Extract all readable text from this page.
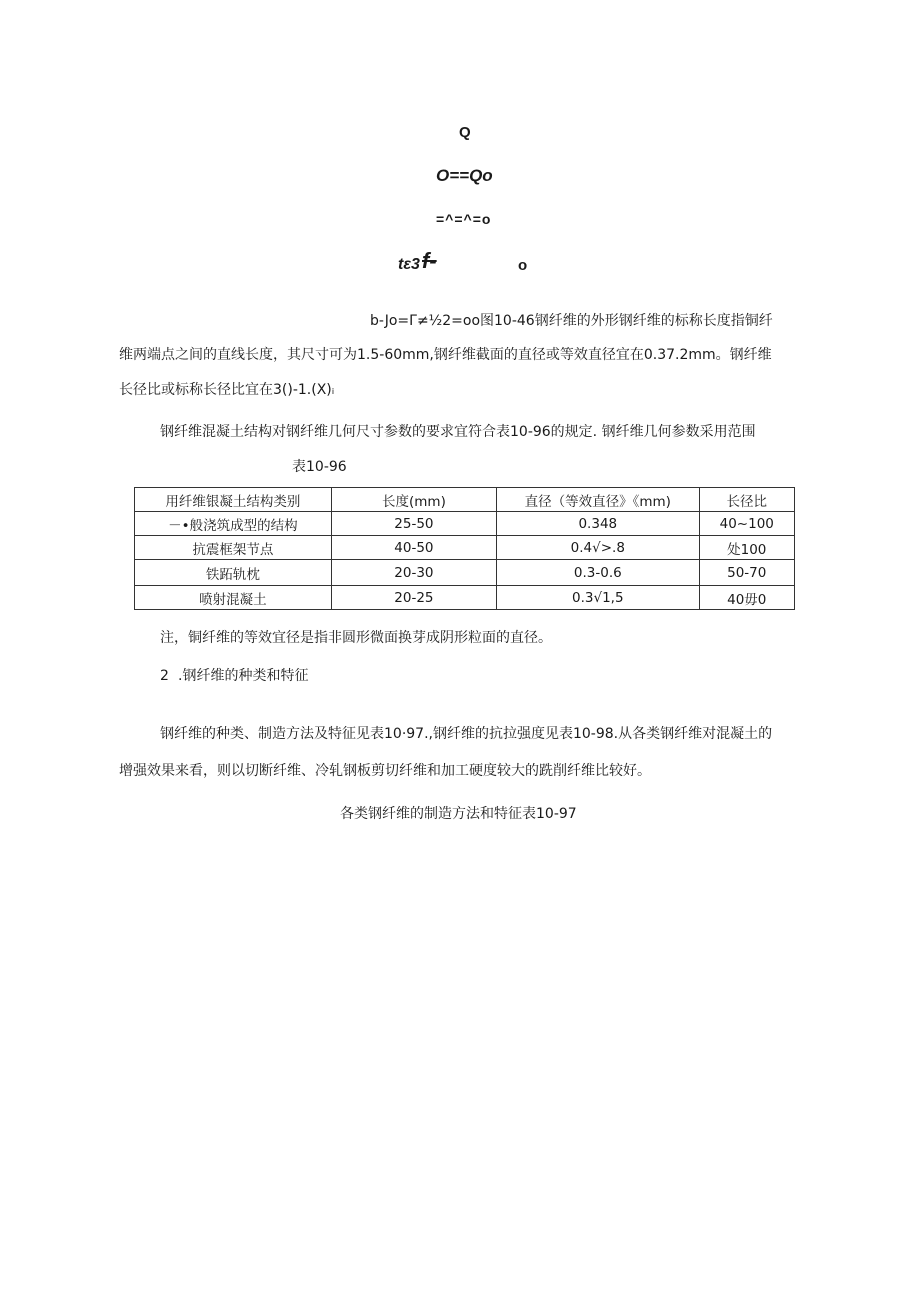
Q
O==Qo
=^=^=o
tε3 f-	o
b-Jo=Γ≠½2=oo图10-46钢纤维的外形钢纤维的标称长度指铜纤
维两端点之间的直线长度，其尺寸可为1.5-60mm,钢纤维截面的直径或等效直径宜在0.37.2mm。钢纤维
长径比或标称长径比宜在3()-1.(X)ᵢ
钢纤维混凝土结构对钢纤维几何尺寸参数的要求宜符合表10-96的规定. 钢纤维几何参数采用范围
表10-96
用纤维银凝土结构类别	长度(mm)	直径（等效直径》《mm)	长径比
－•般浇筑成型的结构	25-50	0.348	40~100
抗震框架节点	40-50	0.4√>.8	处100
铁跖轨枕	20-30	0.3-0.6	50-70
喷射混凝土	20-25	0.3√1,5	40毋0
注，铜纤维的等效宜径是指非圆形微面换芽成阴形粒面的直径。
2 .钢纤维的种类和特征
钢纤维的种类、制造方法及特征见表10·97.,钢纤维的抗拉强度见表10-98.从各类钢纤维对混凝土的
增强效果来看，则以切断纤维、冷轧钢板剪切纤维和加工硬度较大的跣削纤维比较好。
各类钢纤维的制造方法和特征表10-97
